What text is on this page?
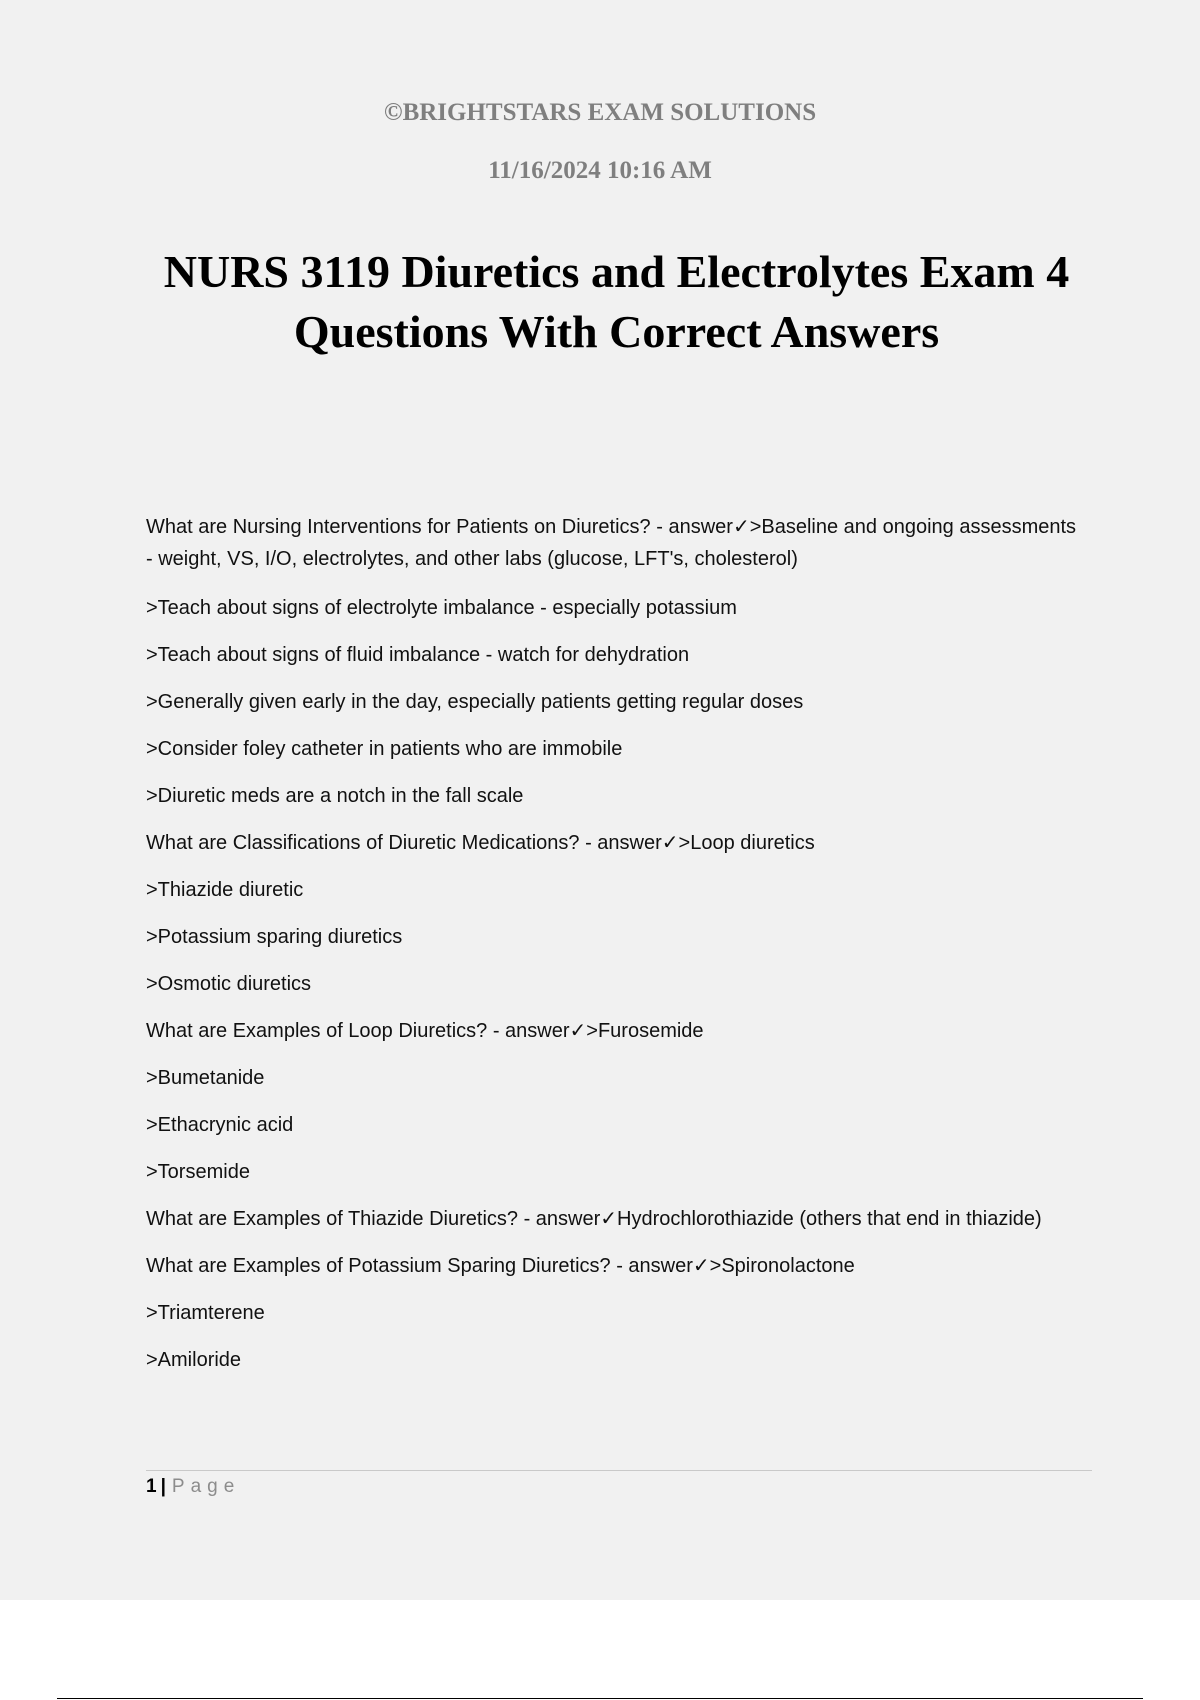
©BRIGHTSTARS EXAM SOLUTIONS
11/16/2024 10:16 AM
NURS 3119 Diuretics and Electrolytes Exam 4 Questions With Correct Answers

What are Nursing Interventions for Patients on Diuretics? - answer✓>Baseline and ongoing assessments - weight, VS, I/O, electrolytes, and other labs (glucose, LFT's, cholesterol)

>Teach about signs of electrolyte imbalance - especially potassium

>Teach about signs of fluid imbalance - watch for dehydration

>Generally given early in the day, especially patients getting regular doses

>Consider foley catheter in patients who are immobile

>Diuretic meds are a notch in the fall scale

What are Classifications of Diuretic Medications? - answer✓>Loop diuretics

>Thiazide diuretic

>Potassium sparing diuretics

>Osmotic diuretics

What are Examples of Loop Diuretics? - answer✓>Furosemide

>Bumetanide

>Ethacrynic acid

>Torsemide

What are Examples of Thiazide Diuretics? - answer✓Hydrochlorothiazide (others that end in thiazide)

What are Examples of Potassium Sparing Diuretics? - answer✓>Spironolactone

>Triamterene

>Amiloride

1 | Page
